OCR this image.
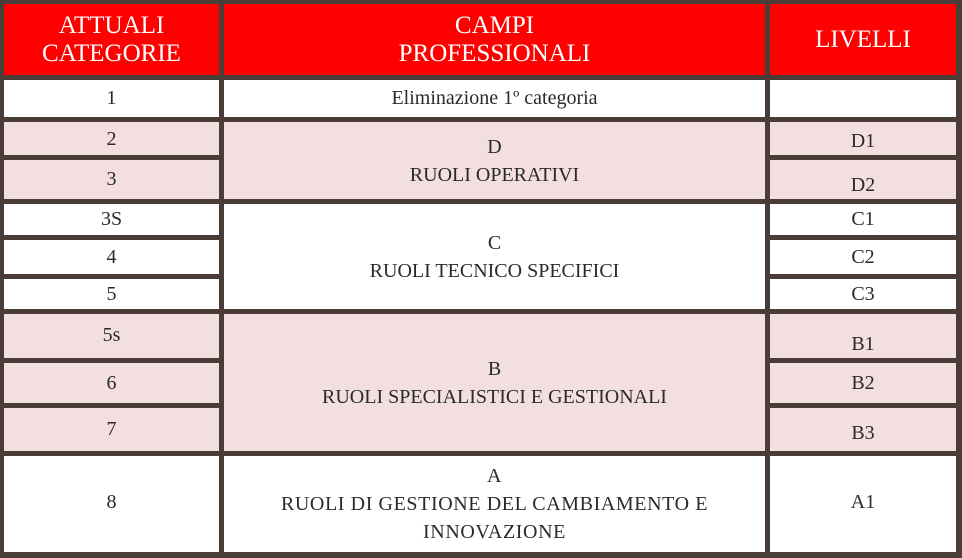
ATTUALI
CATEGORIE
CAMPI
PROFESSIONALI	LIVELLI
1
2
3
3S
4
5
5s
6
7
8
Eliminazione 1º categoria
D
RUOLI OPERATIVI
C
RUOLI TECNICO SPECIFICI
B
RUOLI SPECIALISTICI E GESTIONALI
A
RUOLI DI GESTIONE DEL CAMBIAMENTO E
INNOVAZIONE
D1
D2
C1
C2
C3
B1
B2
B3
A1
